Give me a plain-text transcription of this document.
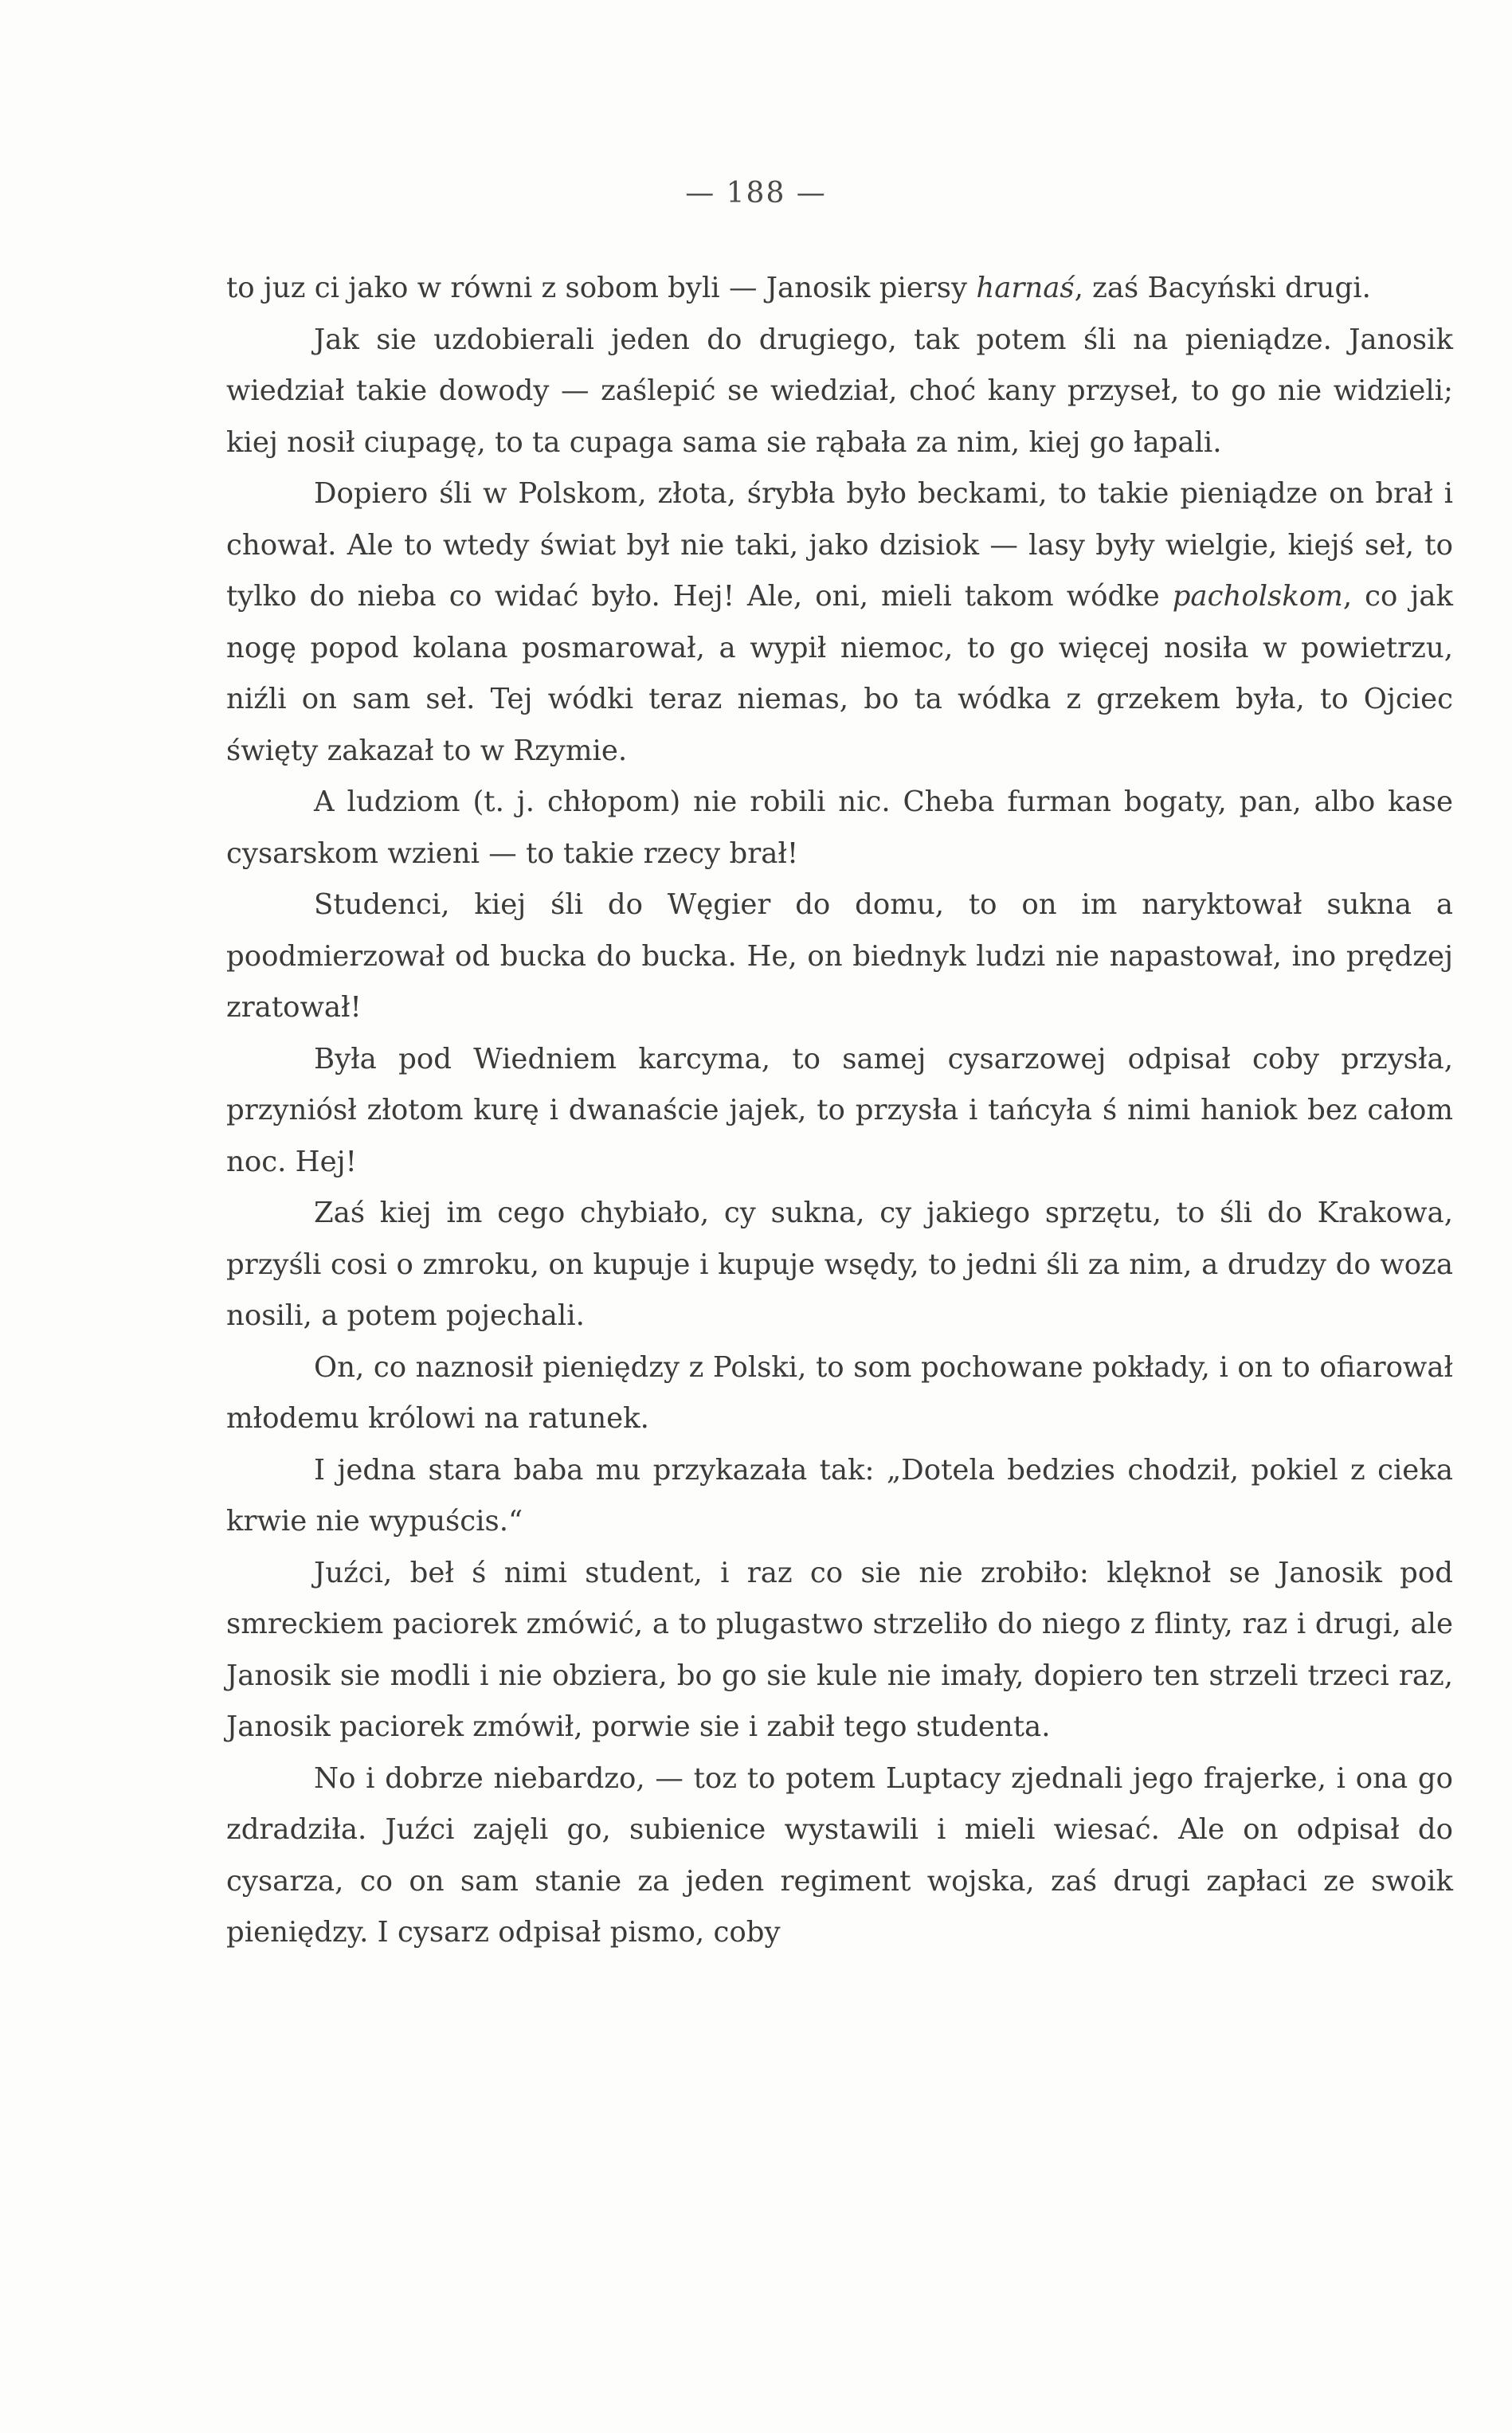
— 188 —

to juz ci jako w równi z sobom byli — Janosik piersy harnaś, zaś Bacyński drugi.

Jak sie uzdobierali jeden do drugiego, tak potem śli na pieniądze. Janosik wiedział takie dowody — zaślepić se wiedział, choć kany przyseł, to go nie widzieli; kiej nosił ciupagę, to ta cupaga sama sie rąbała za nim, kiej go łapali.

Dopiero śli w Polskom, złota, śrybła było beckami, to takie pieniądze on brał i chował. Ale to wtedy świat był nie taki, jako dzisiok — lasy były wielgie, kiejś seł, to tylko do nieba co widać było. Hej! Ale, oni, mieli takom wódke pacholskom, co jak nogę popod kolana posmarował, a wypił niemoc, to go więcej nosiła w powietrzu, niźli on sam seł. Tej wódki teraz niemas, bo ta wódka z grzekem była, to Ojciec święty zakazał to w Rzymie.

A ludziom (t. j. chłopom) nie robili nic. Cheba furman bogaty, pan, albo kase cysarskom wzieni — to takie rzecy brał!

Studenci, kiej śli do Węgier do domu, to on im naryktował sukna a poodmierzował od bucka do bucka. He, on biednyk ludzi nie napastował, ino prędzej zratował!

Była pod Wiedniem karcyma, to samej cysarzowej odpisał coby przysła, przyniósł złotom kurę i dwanaście jajek, to przysła i tańcyła ś nimi haniok bez całom noc. Hej!

Zaś kiej im cego chybiało, cy sukna, cy jakiego sprzętu, to śli do Krakowa, przyśli cosi o zmroku, on kupuje i kupuje wsędy, to jedni śli za nim, a drudzy do woza nosili, a potem pojechali.

On, co naznosił pieniędzy z Polski, to som pochowane pokłady, i on to ofiarował młodemu królowi na ratunek.

I jedna stara baba mu przykazała tak: „Dotela bedzies chodził, pokiel z cieka krwie nie wypuścis.“

Juźci, beł ś nimi student, i raz co sie nie zrobiło: klęknoł se Janosik pod smreckiem paciorek zmówić, a to plugastwo strzeliło do niego z flinty, raz i drugi, ale Janosik sie modli i nie obziera, bo go sie kule nie imały, dopiero ten strzeli trzeci raz, Janosik paciorek zmówił, porwie sie i zabił tego studenta.

No i dobrze niebardzo, — toz to potem Luptacy zjednali jego frajerke, i ona go zdradziła. Juźci zajęli go, subienice wystawili i mieli wiesać. Ale on odpisał do cysarza, co on sam stanie za jeden regiment wojska, zaś drugi zapłaci ze swoik pieniędzy. I cysarz odpisał pismo, coby
